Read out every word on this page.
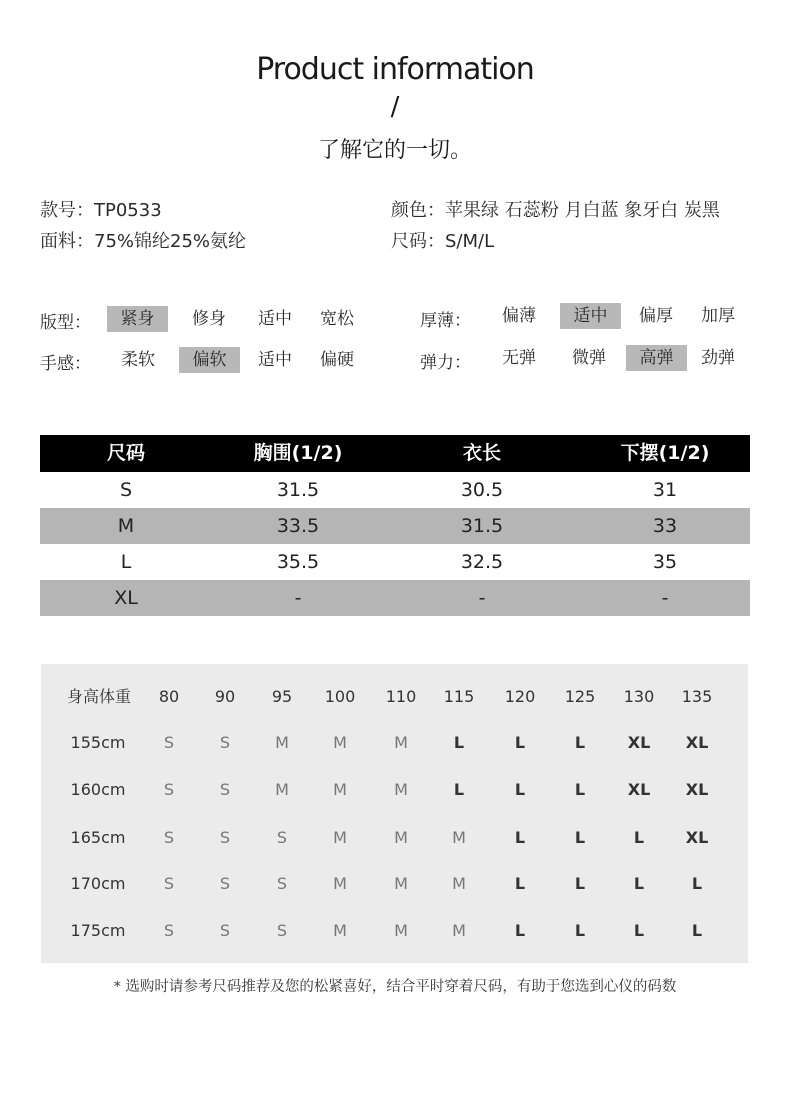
Product information
/
了解它的一切。
款号：TP0533
面料：75%锦纶25%氨纶
颜色：苹果绿 石蕊粉 月白蓝 象牙白 炭黑
尺码：S/M/L
版型：	紧身	修身	适中	宽松
手感：	柔软	偏软	适中	偏硬
厚薄：	偏薄	适中	偏厚	加厚
弹力：	无弹	微弹	高弹	劲弹
尺码	胸围(1/2)	衣长	下摆(1/2)
S	31.5	30.5	31
M	33.5	31.5	33
L	35.5	32.5	35
XL	-	-	-
身高体重	80	90	95	100	110	115	120	125	130	135
155cm	S	S	M	M	M	L	L	L	XL	XL
160cm	S	S	M	M	M	L	L	L	XL	XL
165cm	S	S	S	M	M	M	L	L	L	XL
170cm	S	S	S	M	M	M	L	L	L	L
175cm	S	S	S	M	M	M	L	L	L	L
* 选购时请参考尺码推荐及您的松紧喜好，结合平时穿着尺码，有助于您选到心仪的码数
